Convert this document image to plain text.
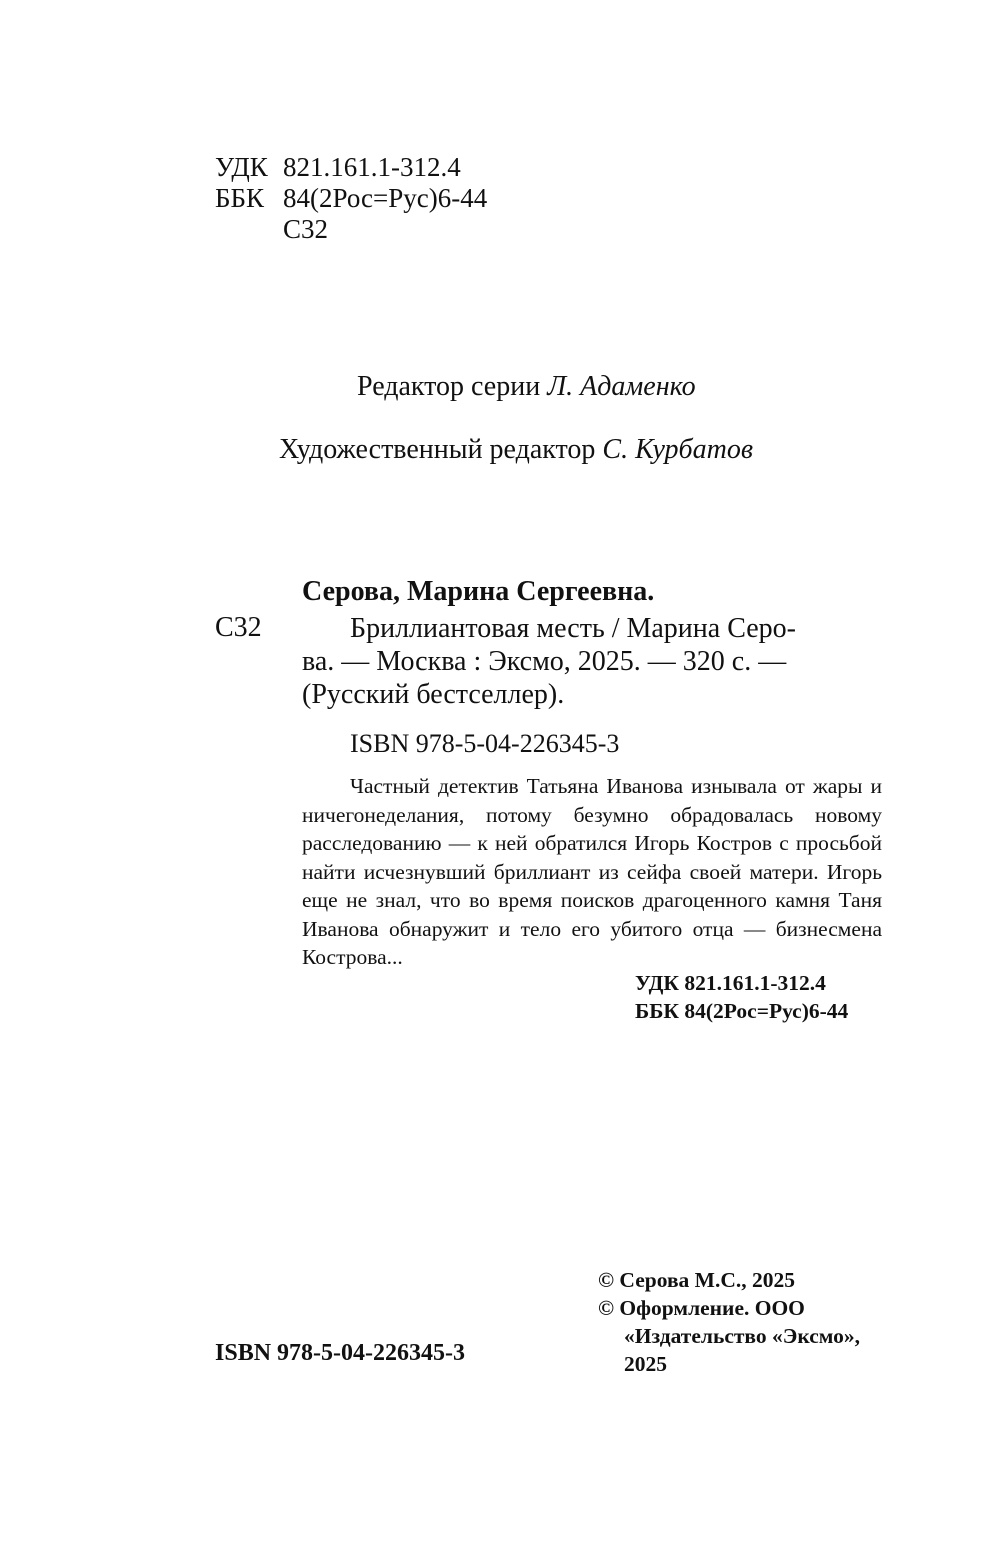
УДК 821.161.1-312.4
ББК 84(2Рос=Рус)6-44
С32
Редактор серии Л. Адаменко
Художественный редактор С. Курбатов
Серова, Марина Сергеевна.
С32	Бриллиантовая месть / Марина Серо-

ва. — Москва : Эксмо, 2025. — 320 с. —

(Русский бестселлер).

ISBN 978-5-04-226345-3
Частный детектив Татьяна Иванова изнывала от жары и ничегонеделания, потому безумно обрадовалась новому расследованию — к ней обратился Игорь Костров с просьбой найти исчезнувший бриллиант из сейфа своей матери. Игорь еще не знал, что во время поисков драгоценного камня Таня Иванова обнаружит и тело его убитого отца — бизнесмена Кострова...
УДК 821.161.1-312.4
ББК 84(2Рос=Рус)6-44
© Серова М.С., 2025
© Оформление. ООО
«Издательство «Эксмо»,
2025
ISBN 978-5-04-226345-3
